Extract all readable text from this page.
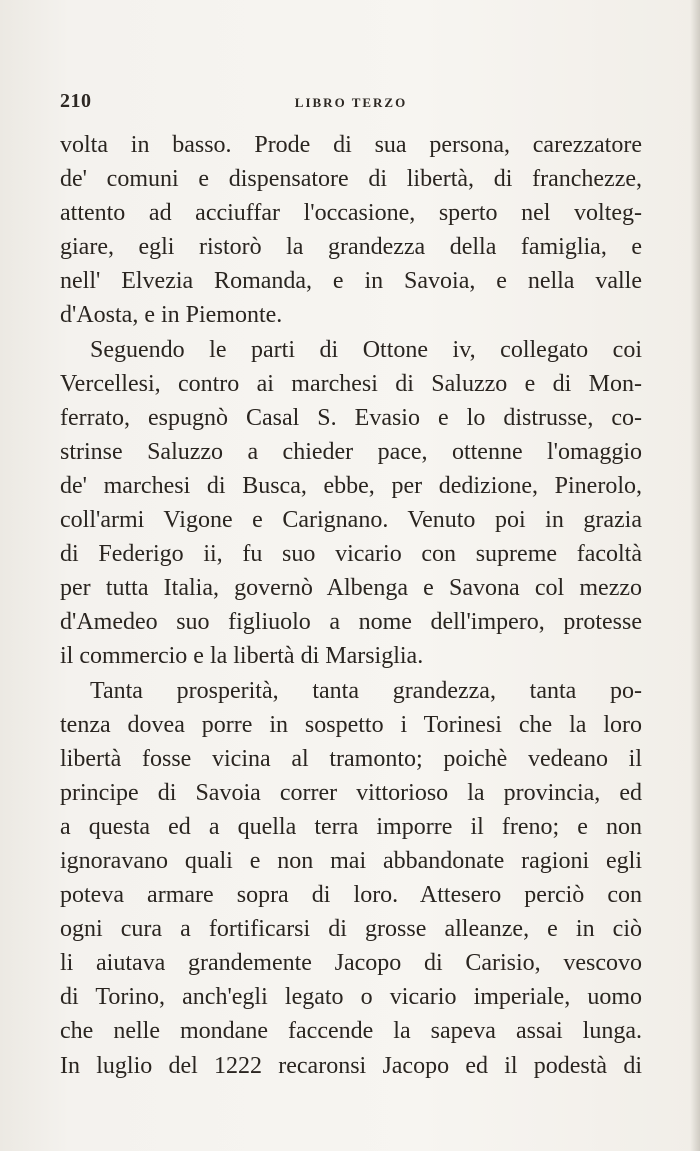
210	LIBRO TERZO
volta in basso. Prode di sua persona, carezzatore
de' comuni e dispensatore di libertà, di franchezze,
attento ad acciuffar l'occasione, sperto nel volteg-
giare, egli ristorò la grandezza della famiglia, e
nell' Elvezia Romanda, e in Savoia, e nella valle
d'Aosta, e in Piemonte.
Seguendo le parti di Ottone iv, collegato coi
Vercellesi, contro ai marchesi di Saluzzo e di Mon-
ferrato, espugnò Casal S. Evasio e lo distrusse, co-
strinse Saluzzo a chieder pace, ottenne l'omaggio
de' marchesi di Busca, ebbe, per dedizione, Pinerolo,
coll'armi Vigone e Carignano. Venuto poi in grazia
di Federigo ii, fu suo vicario con supreme facoltà
per tutta Italia, governò Albenga e Savona col mezzo
d'Amedeo suo figliuolo a nome dell'impero, protesse
il commercio e la libertà di Marsiglia.
Tanta prosperità, tanta grandezza, tanta po-
tenza dovea porre in sospetto i Torinesi che la loro
libertà fosse vicina al tramonto; poichè vedeano il
principe di Savoia correr vittorioso la provincia, ed
a questa ed a quella terra imporre il freno; e non
ignoravano quali e non mai abbandonate ragioni egli
poteva armare sopra di loro. Attesero perciò con
ogni cura a fortificarsi di grosse alleanze, e in ciò
li aiutava grandemente Jacopo di Carisio, vescovo
di Torino, anch'egli legato o vicario imperiale, uomo
che nelle mondane faccende la sapeva assai lunga.
In luglio del 1222 recaronsi Jacopo ed il podestà di
